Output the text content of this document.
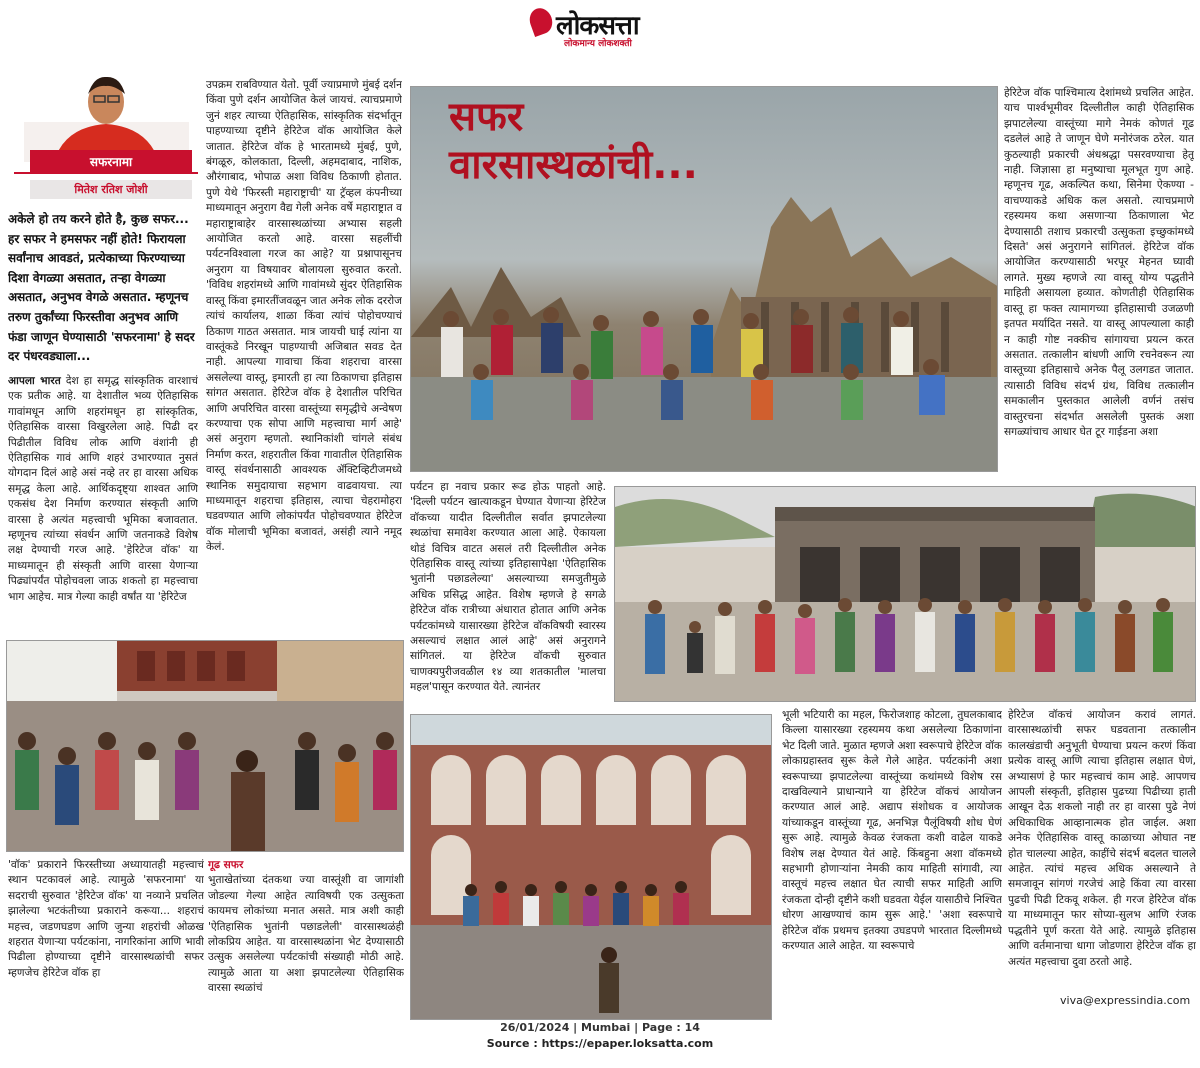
लोकसत्ता
लोकमान्य लोकशक्ती
सफरनामा
मितेश रतिश जोशी
अकेले हो तय करने होते है, कुछ सफर... हर सफर ने हमसफर नहीं होते! फिरायला सर्वांनाच आवडतं, प्रत्येकाच्या फिरण्याच्या दिशा वेगळ्या असतात, तऱ्हा वेगळ्या असतात, अनुभव वेगळे असतात. म्हणूनच तरुण तुर्कांच्या फिरस्तीवा अनुभव आणि फंडा जाणून घेण्यासाठी 'सफरनामा' हे सदर दर पंधरवड्याला...
आपला भारत देश हा समृद्ध सांस्कृतिक वारशाचं एक प्रतीक आहे. या देशातील भव्य ऐतिहासिक गावांमधून आणि शहरांमधून हा सांस्कृतिक, ऐतिहासिक वारसा विखुरलेला आहे. पिढी दर पिढीतील विविध लोक आणि वंशांनी ही ऐतिहासिक गावं आणि शहरं उभारण्यात नुसतं योगदान दिलं आहे असं नव्हे तर हा वारसा अधिक समृद्ध केला आहे. आर्थिकदृष्ट्या शाश्वत आणि एकसंध देश निर्माण करण्यात संस्कृती आणि वारसा हे अत्यंत महत्त्वाची भूमिका बजावतात. म्हणूनच त्यांच्या संवर्धन आणि जतनाकडे विशेष लक्ष देण्याची गरज आहे. 'हेरिटेज वॉक' या माध्यमातून ही संस्कृती आणि वारसा येणाऱ्या पिढ्यांपर्यंत पोहोचवला जाऊ शकतो हा महत्त्वाचा भाग आहेच. मात्र गेल्या काही वर्षांत या 'हेरिटेज
उपक्रम राबविण्यात येतो. पूर्वी ज्याप्रमाणे मुंबई दर्शन किंवा पुणे दर्शन आयोजित केलं जायचं. त्याचप्रमाणे जुनं शहर त्याच्या ऐतिहासिक, सांस्कृतिक संदर्भातून पाहण्याच्या दृष्टीने हेरिटेज वॉक आयोजित केले जातात. हेरिटेज वॉक हे भारतामध्ये मुंबई, पुणे, बंगळूरु, कोलकाता, दिल्ली, अहमदाबाद, नाशिक, औरंगाबाद, भोपाळ अशा विविध ठिकाणी होतात. पुणे येथे 'फिरस्ती महाराष्ट्राची' या ट्रॅव्हल कंपनीच्या माध्यमातून अनुराग वैद्य गेली अनेक वर्षे महाराष्ट्रात व महाराष्ट्राबाहेर वारसास्थळांच्या अभ्यास सहली आयोजित करतो आहे. वारसा सहलींची पर्यटनविश्वाला गरज का आहे? या प्रश्नापासूनच अनुराग या विषयावर बोलायला सुरुवात करतो. 'विविध शहरांमध्ये आणि गावांमध्ये सुंदर ऐतिहासिक वास्तू किंवा इमारतींजवळून जात अनेक लोक दररोज त्यांचं कार्यालय, शाळा किंवा त्यांचं पोहोचण्याचं ठिकाण गाठत असतात. मात्र जायची घाई त्यांना या वास्तूंकडे निरखून पाहण्याची अजिबात सवड देत नाही. आपल्या गावाचा किंवा शहराचा वारसा असलेल्या वास्तू, इमारती हा त्या ठिकाणचा इतिहास सांगत असतात. हेरिटेज वॉक हे देशातील परिचित आणि अपरिचित वारसा वास्तूंच्या समृद्धीचे अन्वेषण करण्याचा एक सोपा आणि महत्त्वाचा मार्ग आहे' असं अनुराग म्हणतो. स्थानिकांशी चांगले संबंध निर्माण करत, शहरातील किंवा गावातील ऐतिहासिक वास्तू संवर्धनासाठी आवश्यक ॲक्टिव्हिटीजमध्ये स्थानिक समुदायाचा सहभाग वाढवायचा. त्या माध्यमातून शहराचा इतिहास, त्याचा चेहरामोहरा घडवण्यात आणि लोकांपर्यंत पोहोचवण्यात हेरिटेज वॉक मोलाची भूमिका बजावतं, असंही त्याने नमूद केलं.
सफर
वारसास्थळांची...
हेरिटेज वॉक पाश्चिमात्य देशांमध्ये प्रचलित आहेत. याच पार्श्वभूमीवर दिल्लीतील काही ऐतिहासिक झपाटलेल्या वास्तूंच्या मागे नेमकं कोणतं गूढ दडलेलं आहे ते जाणून घेणे मनोरंजक ठरेल. यात कुठल्याही प्रकारची अंधश्रद्धा पसरवण्याचा हेतू नाही. जिज्ञासा हा मनुष्याचा मूलभूत गुण आहे. म्हणूनच गूढ, अकल्पित कथा, सिनेमा ऐकण्या - वाचण्याकडे अधिक कल असतो. त्याचप्रमाणे रहस्यमय कथा असणाऱ्या ठिकाणाला भेट देण्यासाठी तशाच प्रकारची उत्सुकता इच्छुकांमध्ये दिसते' असं अनुरागने सांगितलं. हेरिटेज वॉक आयोजित करण्यासाठी भरपूर मेहनत घ्यावी लागते. मुख्य म्हणजे त्या वास्तू योग्य पद्धतीने माहिती असायला हव्यात. कोणतीही ऐतिहासिक वास्तू हा फक्त त्यामागच्या इतिहासाची उजळणी इतपत मर्यादित नसते. या वास्तू आपल्याला काही न काही गोष्ट नक्कीच सांगायचा प्रयत्न करत असतात. तत्कालीन बांधणी आणि रचनेवरून त्या वास्तूच्या इतिहासाचे अनेक पैलू उलगडत जातात. त्यासाठी विविध संदर्भ ग्रंथ, विविध तत्कालीन समकालीन पुस्तकात आलेली वर्णनं तसंच वास्तुरचना संदर्भात असलेली पुस्तकं अशा सगळ्यांचाच आधार घेत टूर गाईडना अशा
पर्यटन हा नवाच प्रकार रूढ होऊ पाहतो आहे. 'दिल्ली पर्यटन खात्याकडून घेण्यात येणाऱ्या हेरिटेज वॉकच्या यादीत दिल्लीतील सर्वात झपाटलेल्या स्थळांचा समावेश करण्यात आला आहे. ऐकायला थोडं विचित्र वाटत असलं तरी दिल्लीतील अनेक ऐतिहासिक वास्तू त्यांच्या इतिहासापेक्षा 'ऐतिहासिक भुतांनी पछाडलेल्या' असल्याच्या समजुतीमुळे अधिक प्रसिद्ध आहेत. विशेष म्हणजे हे सगळे हेरिटेज वॉक रात्रीच्या अंधारात होतात आणि अनेक पर्यटकांमध्ये यासारख्या हेरिटेज वॉकविषयी स्वारस्य असल्याचं लक्षात आलं आहे' असं अनुरागने सांगितलं. या हेरिटेज वॉकची सुरुवात चाणक्यपुरीजवळील १४ व्या शतकातील 'मालचा महल'पासून करण्यात येते. त्यानंतर
'वॉक' प्रकाराने फिरस्तीच्या अध्यायातही महत्त्वाचं स्थान पटकावलं आहे. त्यामुळे 'सफरनामा' या सदराची सुरुवात 'हेरिटेज वॉक' या नव्याने प्रचलित झालेल्या भटकंतीच्या प्रकाराने करूया... शहराचं महत्त्व, जडणघडण आणि जुन्या शहरांची ओळख शहरात येणाऱ्या पर्यटकांना, नागरिकांना आणि भावी पिढीला होण्याच्या दृष्टीने वारसास्थळांची सफर म्हणजेच हेरिटेज वॉक हा
गूढ सफर
भुताखेतांच्या दंतकथा ज्या वास्तूंशी वा जागांशी जोडल्या गेल्या आहेत त्याविषयी एक उत्सुकता कायमच लोकांच्या मनात असते. मात्र अशी काही 'ऐतिहासिक भुतांनी पछाडलेली' वारसास्थळंही लोकप्रिय आहेत. या वारसास्थळांना भेट देण्यासाठी उत्सुक असलेल्या पर्यटकांची संख्याही मोठी आहे. त्यामुळे आता या अशा झपाटलेल्या ऐतिहासिक वारसा स्थळांचं
भूली भटियारी का महल, फिरोजशाह कोटला, तुघलकाबाद किल्ला यासारख्या रहस्यमय कथा असलेल्या ठिकाणांना भेट दिली जाते. मुळात म्हणजे अशा स्वरूपाचे हेरिटेज वॉक लोकाग्रहास्तव सुरू केले गेले आहेत. पर्यटकांनी अशा स्वरूपाच्या झपाटलेल्या वास्तूंच्या कथांमध्ये विशेष रस दाखविल्याने प्राधान्याने या हेरिटेज वॉकचं आयोजन करण्यात आलं आहे. अद्याप संशोधक व आयोजक यांच्याकडून वास्तूंच्या गूढ, अनभिज्ञ पैलूंविषयी शोध घेणं सुरू आहे. त्यामुळे केवळ रंजकता कशी वाढेल याकडे विशेष लक्ष देण्यात येतं आहे. किंबहुना अशा वॉकमध्ये सहभागी होणाऱ्यांना नेमकी काय माहिती सांगावी, त्या वास्तूचं महत्त्व लक्षात घेत त्याची सफर माहिती आणि रंजकता दोन्ही दृष्टीने कशी घडवता येईल यासाठीचे निश्चित धोरण आखण्याचं काम सुरू आहे.' 'अशा स्वरूपाचे हेरिटेज वॉक प्रथमच इतक्या उघडपणे भारतात दिल्लीमध्ये करण्यात आले आहेत. या स्वरूपाचे
हेरिटेज वॉकचं आयोजन करावं लागतं. वारसास्थळांची सफर घडवताना तत्कालीन कालखंडाची अनुभूती घेण्याचा प्रयत्न करणं किंवा प्रत्येक वास्तू आणि त्याचा इतिहास लक्षात घेणं, अभ्यासणं हे फार महत्त्वाचं काम आहे. आपणच आपली संस्कृती, इतिहास पुढच्या पिढीच्या हाती आखून देऊ शकलो नाही तर हा वारसा पुढे नेणं अधिकाधिक आव्हानात्मक होत जाईल. अशा अनेक ऐतिहासिक वास्तू काळाच्या ओघात नष्ट होत चालल्या आहेत, काहींचे संदर्भ बदलत चालले आहेत. त्यांचं महत्त्व अधिक असल्याने ते समजावून सांगणं गरजेचं आहे किंवा त्या वारसा पुढची पिढी टिकवू शकेल. ही गरज हेरिटेज वॉक या माध्यमातून फार सोप्या-सुलभ आणि रंजक पद्धतीने पूर्ण करता येते आहे. त्यामुळे इतिहास आणि वर्तमानाचा धागा जोडणारा हेरिटेज वॉक हा अत्यंत महत्त्वाचा दुवा ठरतो आहे.
viva@expressindia.com
26/01/2024 | Mumbai | Page : 14
Source : https://epaper.loksatta.com
